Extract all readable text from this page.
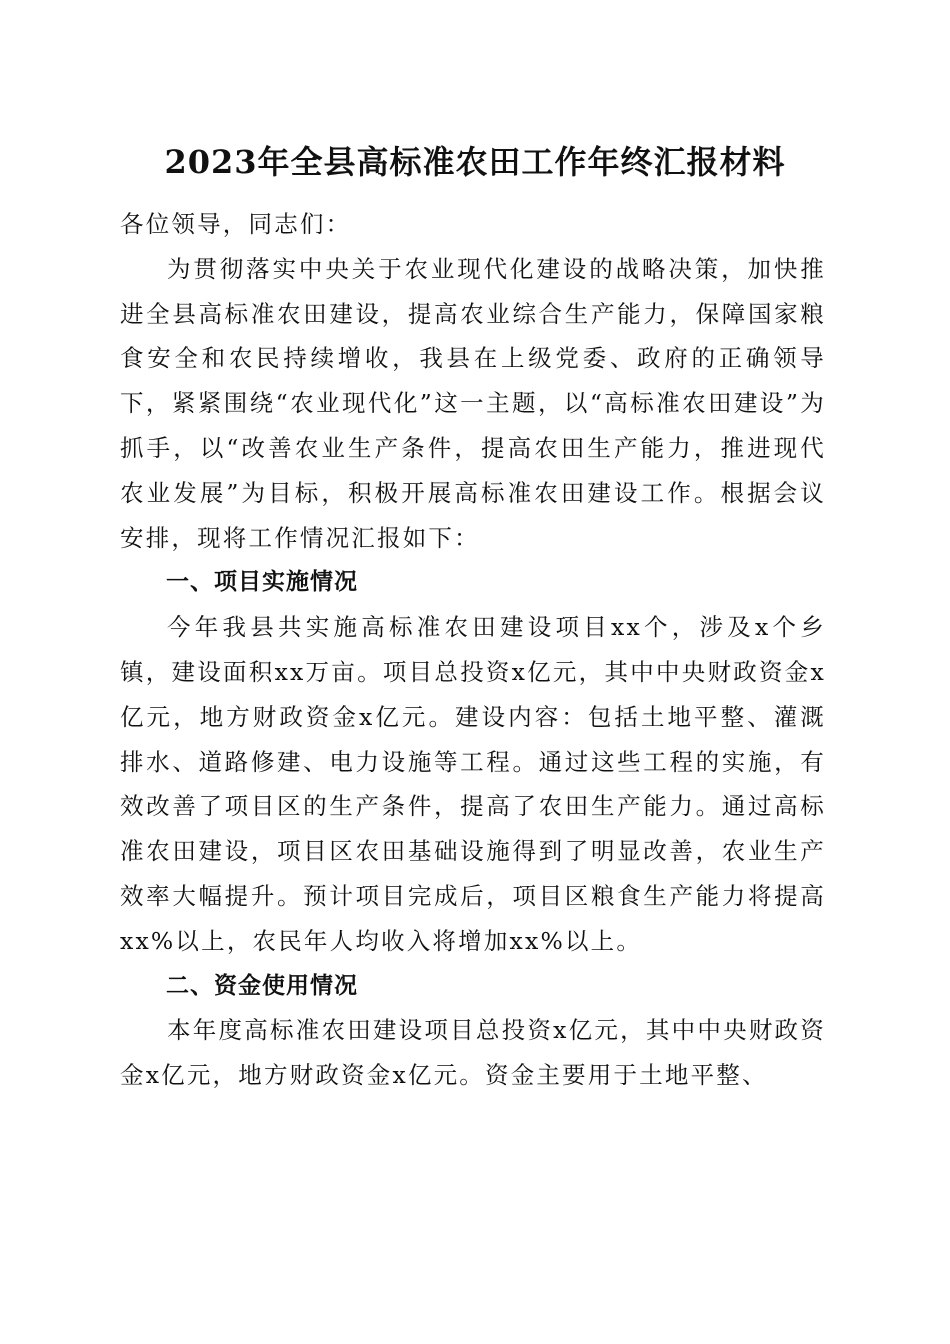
2023年全县高标准农田工作年终汇报材料

各位领导，同志们：

为贯彻落实中央关于农业现代化建设的战略决策，加快推进全县高标准农田建设，提高农业综合生产能力，保障国家粮食安全和农民持续增收，我县在上级党委、政府的正确领导下，紧紧围绕“农业现代化”这一主题，以“高标准农田建设”为抓手，以“改善农业生产条件，提高农田生产能力，推进现代农业发展”为目标，积极开展高标准农田建设工作。根据会议安排，现将工作情况汇报如下：

一、项目实施情况

今年我县共实施高标准农田建设项目xx个，涉及x个乡镇，建设面积xx万亩。项目总投资x亿元，其中中央财政资金x亿元，地方财政资金x亿元。建设内容：包括土地平整、灌溉排水、道路修建、电力设施等工程。通过这些工程的实施，有效改善了项目区的生产条件，提高了农田生产能力。通过高标准农田建设，项目区农田基础设施得到了明显改善，农业生产效率大幅提升。预计项目完成后，项目区粮食生产能力将提高xx%以上，农民年人均收入将增加xx%以上。

二、资金使用情况

本年度高标准农田建设项目总投资x亿元，其中中央财政资金x亿元，地方财政资金x亿元。资金主要用于土地平整、
